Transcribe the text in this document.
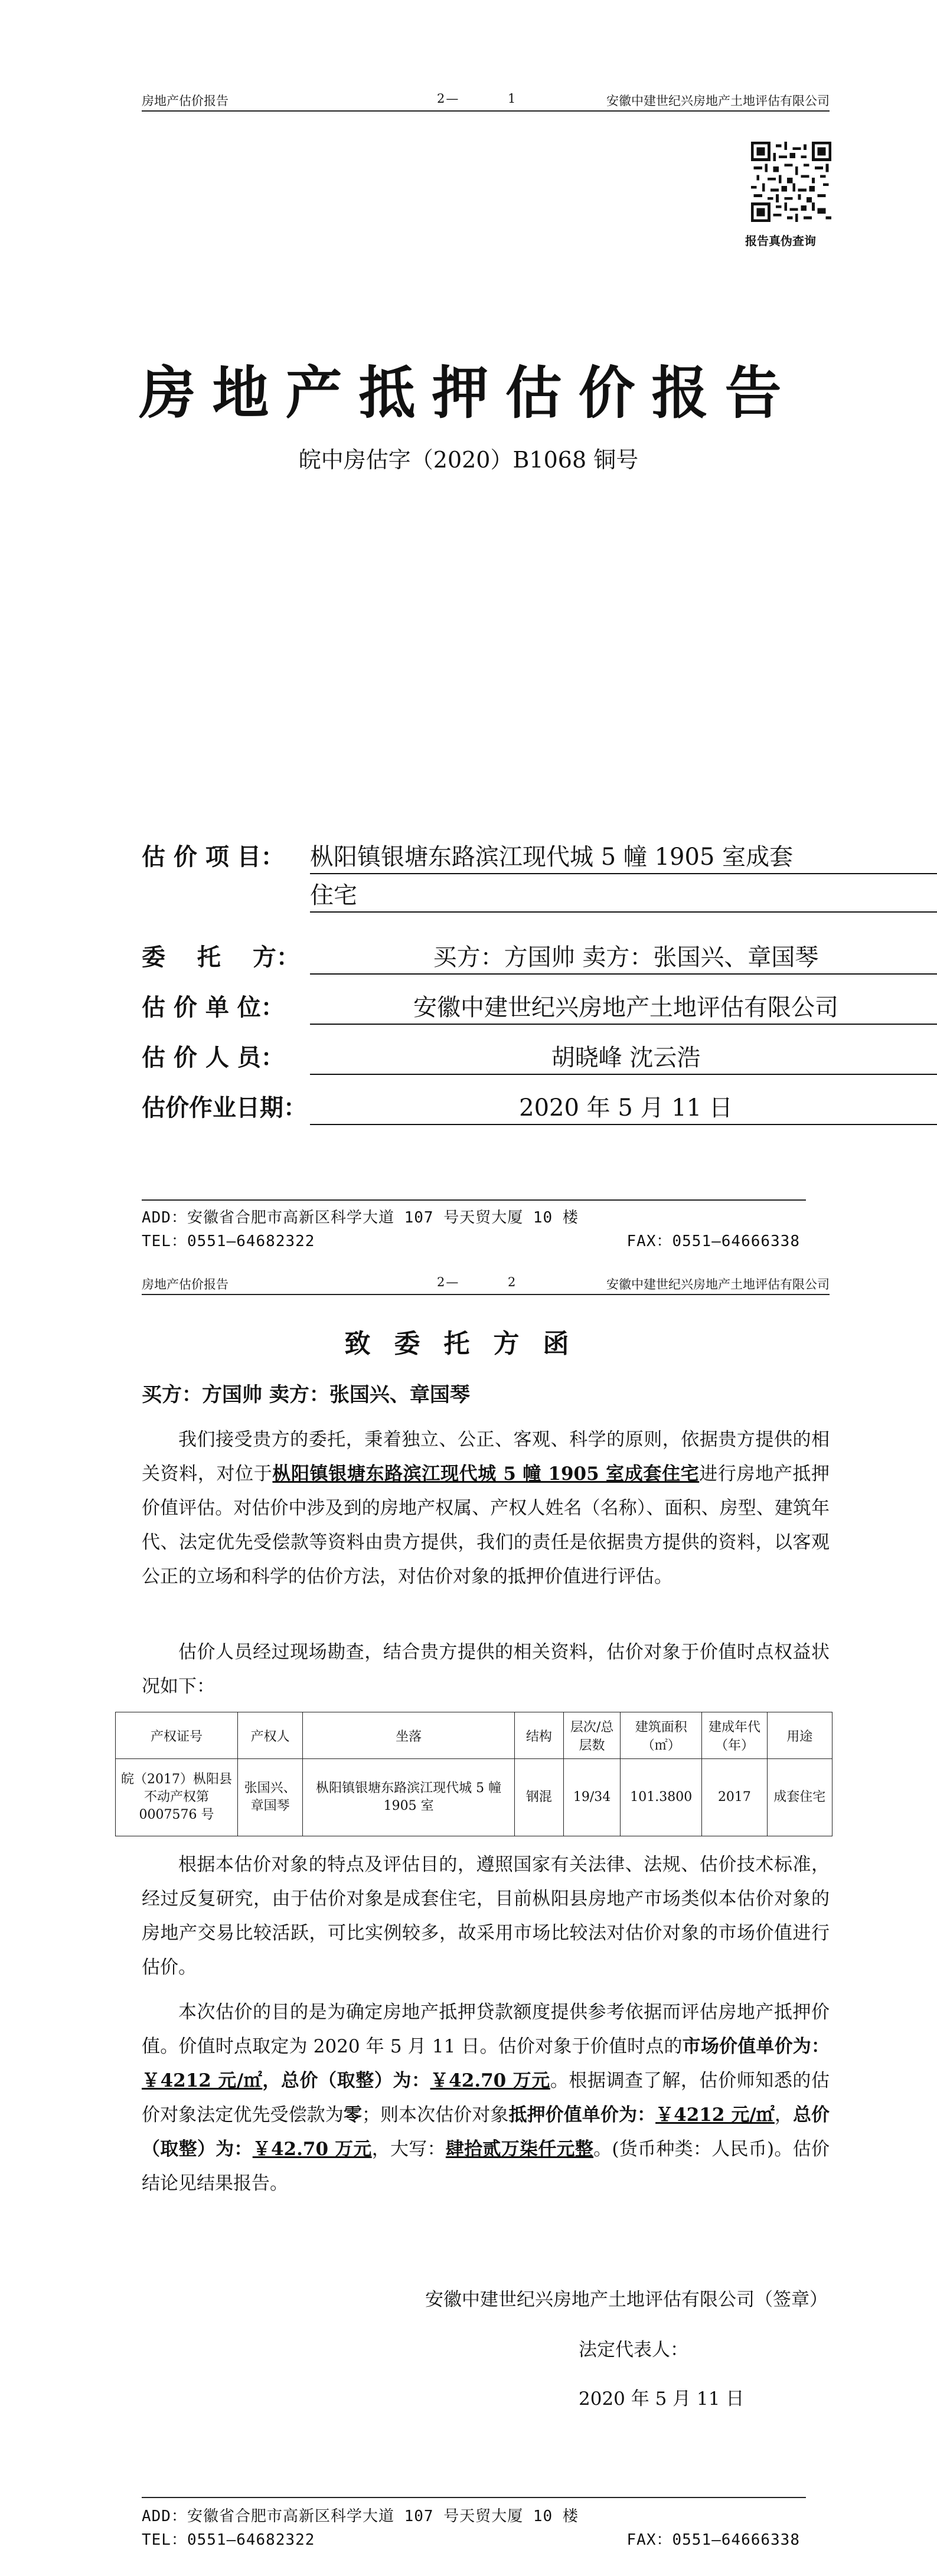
房地产估价报告	2—	1	安徽中建世纪兴房地产土地评估有限公司
报告真伪查询
房地产抵押估价报告
皖中房估字（2020）B1068 铜号
估 价 项 目： 枞阳镇银塘东路滨江现代城 5 幢 1905 室成套
住宅
委　 托　 方：	买方：方国帅 卖方：张国兴、章国琴
估 价 单 位：	安徽中建世纪兴房地产土地评估有限公司
估 价 人 员：	胡晓峰 沈云浩
估价作业日期：	2020 年 5 月 11 日
ADD：安徽省合肥市高新区科学大道 107 号天贸大厦 10 楼
TEL：0551—64682322	FAX：0551—64666338
房地产估价报告	2—	2	安徽中建世纪兴房地产土地评估有限公司
致委托方函
买方：方国帅 卖方：张国兴、章国琴
我们接受贵方的委托，秉着独立、公正、客观、科学的原则，依据贵方提供的相关资料，对位于枞阳镇银塘东路滨江现代城 5 幢 1905 室成套住宅进行房地产抵押价值评估。对估价中涉及到的房地产权属、产权人姓名（名称）、面积、房型、建筑年代、法定优先受偿款等资料由贵方提供，我们的责任是依据贵方提供的资料，以客观公正的立场和科学的估价方法，对估价对象的抵押价值进行评估。
估价人员经过现场勘查，结合贵方提供的相关资料，估价对象于价值时点权益状况如下：
产权证号	产权人	坐落	结构	层次/总层数	建筑面积（㎡）	建成年代（年）	用途
皖（2017）枞阳县不动产权第0007576 号	张国兴、章国琴	枞阳镇银塘东路滨江现代城 5 幢 1905 室	钢混	19/34	101.3800	2017	成套住宅
根据本估价对象的特点及评估目的，遵照国家有关法律、法规、估价技术标准，经过反复研究，由于估价对象是成套住宅，目前枞阳县房地产市场类似本估价对象的房地产交易比较活跃，可比实例较多，故采用市场比较法对估价对象的市场价值进行估价。
本次估价的目的是为确定房地产抵押贷款额度提供参考依据而评估房地产抵押价值。价值时点取定为 2020 年 5 月 11 日。估价对象于价值时点的市场价值单价为：￥4212 元/㎡，总价（取整）为：￥42.70 万元。根据调查了解，估价师知悉的估价对象法定优先受偿款为零；则本次估价对象抵押价值单价为：￥4212 元/㎡，总价（取整）为：￥42.70 万元，大写：肆拾贰万柒仟元整。(货币种类：人民币)。估价结论见结果报告。
安徽中建世纪兴房地产土地评估有限公司（签章）
法定代表人：
2020 年 5 月 11 日
ADD：安徽省合肥市高新区科学大道 107 号天贸大厦 10 楼
TEL：0551—64682322	FAX：0551—64666338
